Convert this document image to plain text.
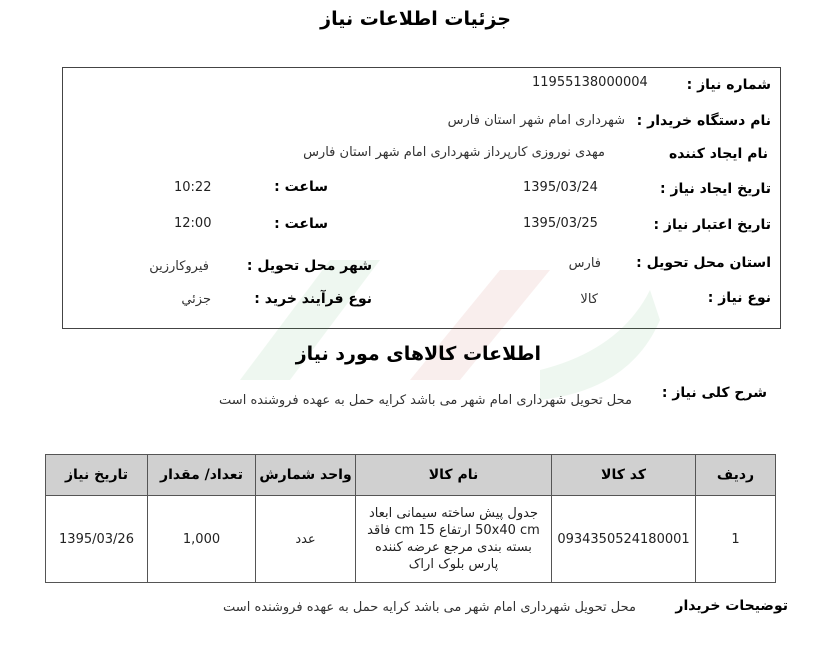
جزئیات اطلاعات نیاز
شماره نیاز :
11955138000004
نام دستگاه خریدار :
شهرداری امام شهر استان فارس
نام ایجاد کننده
مهدی نوروزی کارپرداز شهرداری امام شهر استان فارس
تاریخ ایجاد نیاز :
1395/03/24
ساعت :
10:22
تاریخ اعتبار نیاز :
1395/03/25
ساعت :
12:00
استان محل تحویل :
فارس
شهر محل تحویل :
فیروکارزین
نوع نیاز :
کالا
نوع فرآیند خرید :
جزئي
اطلاعات کالاهای مورد نیاز
شرح کلی نیاز :
محل تحویل شهرداری امام شهر می باشد کرایه حمل به عهده فروشنده است
ردیف	کد کالا	نام کالا	واحد شمارش	تعداد/ مقدار	تاریخ نیاز
1	0934350524180001	جدول پیش ساخته سیمانی ابعاد 50x40 cm ارتفاع 15 cm فاقد بسته بندی مرجع عرضه کننده پارس بلوک اراک	عدد	1,000	1395/03/26
توضیحات خریدار
محل تحویل شهرداری امام شهر می باشد کرایه حمل به عهده فروشنده است
